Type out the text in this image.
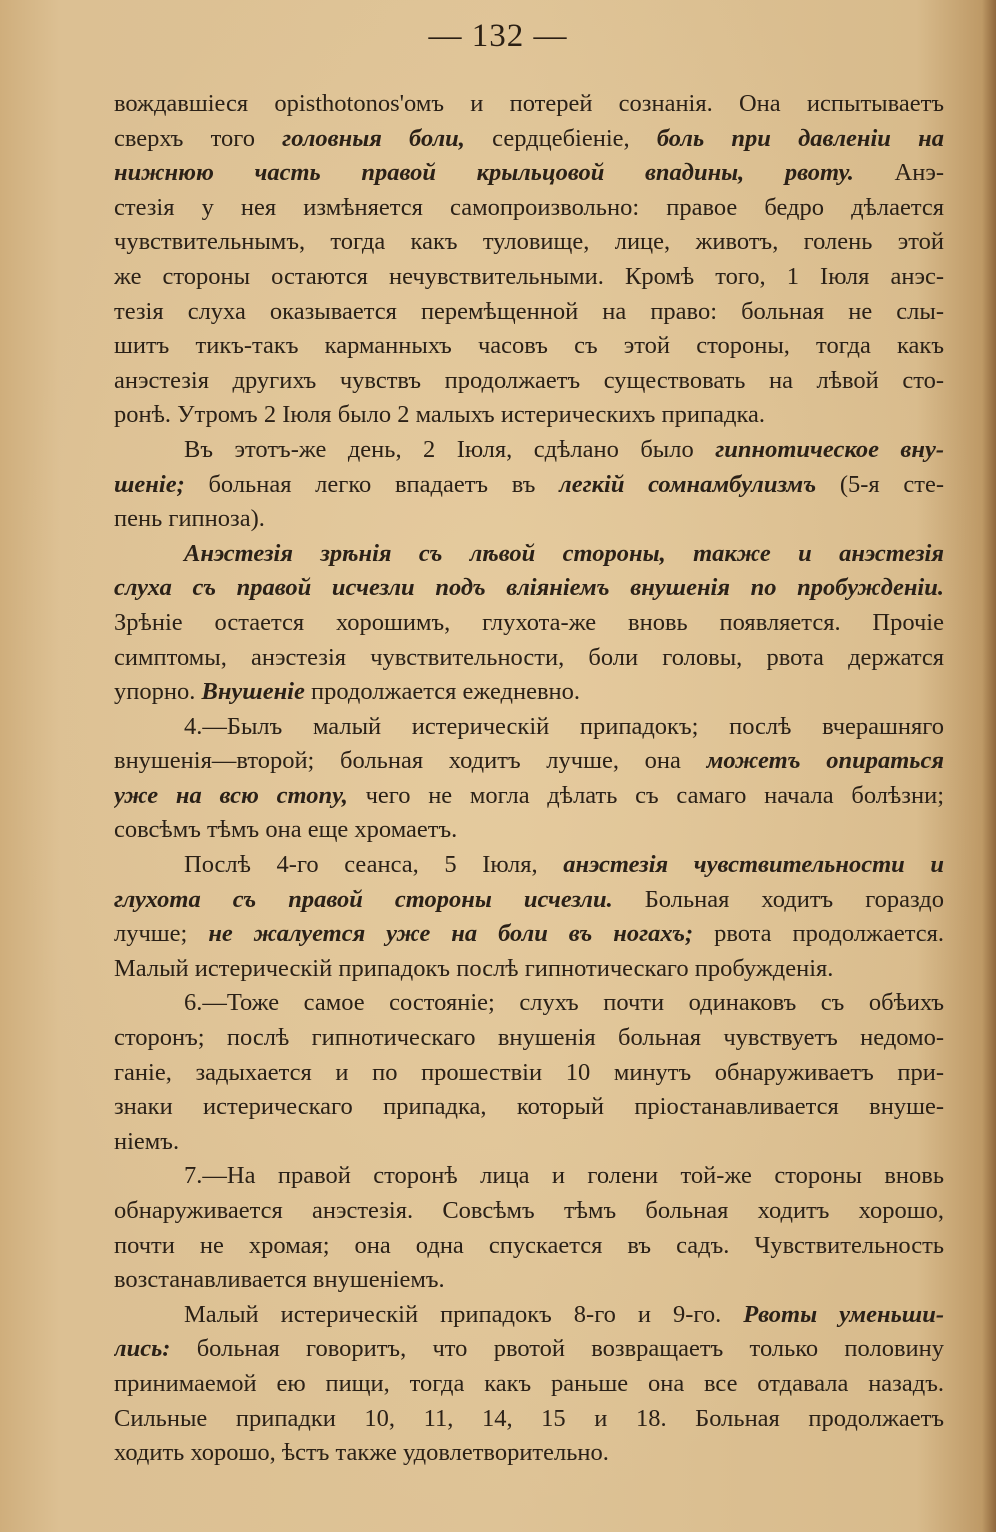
— 132 —
вождавшіеся opisthotonos'омъ и потерей сознанія. Она испытываетъ
сверхъ того головныя боли, сердцебіеніе, боль при давленіи на
нижнюю часть правой крыльцовой впадины, рвоту. Анэ-
стезія у нея измѣняется самопроизвольно: правое бедро дѣлается
чувствительнымъ, тогда какъ туловище, лице, животъ, голень этой
же стороны остаются нечувствительными. Кромѣ того, 1 Іюля анэс-
тезія слуха оказывается перемѣщенной на право: больная не слы-
шитъ тикъ-такъ карманныхъ часовъ съ этой стороны, тогда какъ
анэстезія другихъ чувствъ продолжаетъ существовать на лѣвой сто-
ронѣ. Утромъ 2 Іюля было 2 малыхъ истерическихъ припадка.
Въ этотъ-же день, 2 Іюля, сдѣлано было гипнотическое вну-
шеніе; больная легко впадаетъ въ легкій сомнамбулизмъ (5-я сте-
пень гипноза).
Анэстезія зрѣнія съ лѣвой стороны, также и анэстезія
слуха съ правой исчезли подъ вліяніемъ внушенія по пробужденіи.
Зрѣніе остается хорошимъ, глухота-же вновь появляется. Прочіе
симптомы, анэстезія чувствительности, боли головы, рвота держатся
упорно. Внушеніе продолжается ежедневно.
4.—Былъ малый истерическій припадокъ; послѣ вчерашняго
внушенія—второй; больная ходитъ лучше, она можетъ опираться
уже на всю стопу, чего не могла дѣлать съ самаго начала болѣзни;
совсѣмъ тѣмъ она еще хромаетъ.
Послѣ 4-го сеанса, 5 Іюля, анэстезія чувствительности и
глухота съ правой стороны исчезли. Больная ходитъ гораздо
лучше; не жалуется уже на боли въ ногахъ; рвота продолжается.
Малый истерическій припадокъ послѣ гипнотическаго пробужденія.
6.—Тоже самое состояніе; слухъ почти одинаковъ съ обѣихъ
сторонъ; послѣ гипнотическаго внушенія больная чувствуетъ недомо-
ганіе, задыхается и по прошествіи 10 минутъ обнаруживаетъ при-
знаки истерическаго припадка, который пріостанавливается внуше-
ніемъ.
7.—На правой сторонѣ лица и голени той-же стороны вновь
обнаруживается анэстезія. Совсѣмъ тѣмъ больная ходитъ хорошо,
почти не хромая; она одна спускается въ садъ. Чувствительность
возстанавливается внушеніемъ.
Малый истерическій припадокъ 8-го и 9-го. Рвоты уменьши-
лись: больная говоритъ, что рвотой возвращаетъ только половину
принимаемой ею пищи, тогда какъ раньше она все отдавала назадъ.
Сильные припадки 10, 11, 14, 15 и 18. Больная продолжаетъ
ходить хорошо, ѣстъ также удовлетворительно.
